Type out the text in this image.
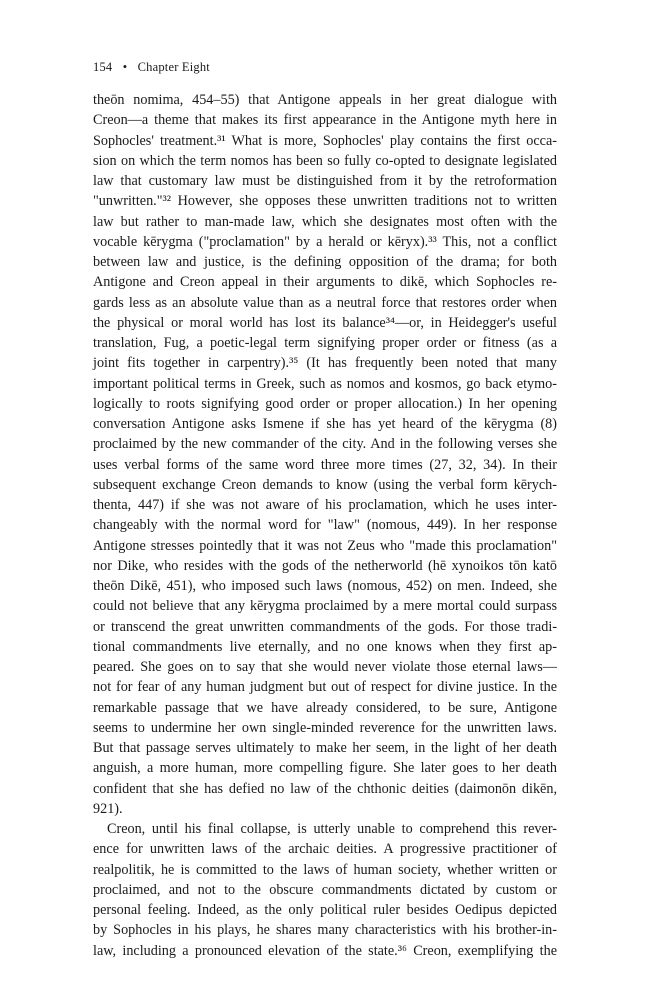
154 • Chapter Eight
theōn nomima, 454–55) that Antigone appeals in her great dialogue with
Creon—a theme that makes its first appearance in the Antigone myth here in
Sophocles' treatment.³¹ What is more, Sophocles' play contains the first occa-
sion on which the term nomos has been so fully co-opted to designate legislated
law that customary law must be distinguished from it by the retroformation
"unwritten."³² However, she opposes these unwritten traditions not to written
law but rather to man-made law, which she designates most often with the
vocable kērygma ("proclamation" by a herald or kēryx).³³ This, not a conflict
between law and justice, is the defining opposition of the drama; for both
Antigone and Creon appeal in their arguments to dikē, which Sophocles re-
gards less as an absolute value than as a neutral force that restores order when
the physical or moral world has lost its balance³⁴—or, in Heidegger's useful
translation, Fug, a poetic-legal term signifying proper order or fitness (as a
joint fits together in carpentry).³⁵ (It has frequently been noted that many
important political terms in Greek, such as nomos and kosmos, go back etymo-
logically to roots signifying good order or proper allocation.) In her opening
conversation Antigone asks Ismene if she has yet heard of the kērygma (8)
proclaimed by the new commander of the city. And in the following verses she
uses verbal forms of the same word three more times (27, 32, 34). In their
subsequent exchange Creon demands to know (using the verbal form kērych-
thenta, 447) if she was not aware of his proclamation, which he uses inter-
changeably with the normal word for "law" (nomous, 449). In her response
Antigone stresses pointedly that it was not Zeus who "made this proclamation"
nor Dike, who resides with the gods of the netherworld (hē xynoikos tōn katō
theōn Dikē, 451), who imposed such laws (nomous, 452) on men. Indeed, she
could not believe that any kērygma proclaimed by a mere mortal could surpass
or transcend the great unwritten commandments of the gods. For those tradi-
tional commandments live eternally, and no one knows when they first ap-
peared. She goes on to say that she would never violate those eternal laws—
not for fear of any human judgment but out of respect for divine justice. In the
remarkable passage that we have already considered, to be sure, Antigone
seems to undermine her own single-minded reverence for the unwritten laws.
But that passage serves ultimately to make her seem, in the light of her death
anguish, a more human, more compelling figure. She later goes to her death
confident that she has defied no law of the chthonic deities (daimonōn dikēn,
921).
Creon, until his final collapse, is utterly unable to comprehend this rever-
ence for unwritten laws of the archaic deities. A progressive practitioner of
realpolitik, he is committed to the laws of human society, whether written or
proclaimed, and not to the obscure commandments dictated by custom or
personal feeling. Indeed, as the only political ruler besides Oedipus depicted
by Sophocles in his plays, he shares many characteristics with his brother-in-
law, including a pronounced elevation of the state.³⁶ Creon, exemplifying the
